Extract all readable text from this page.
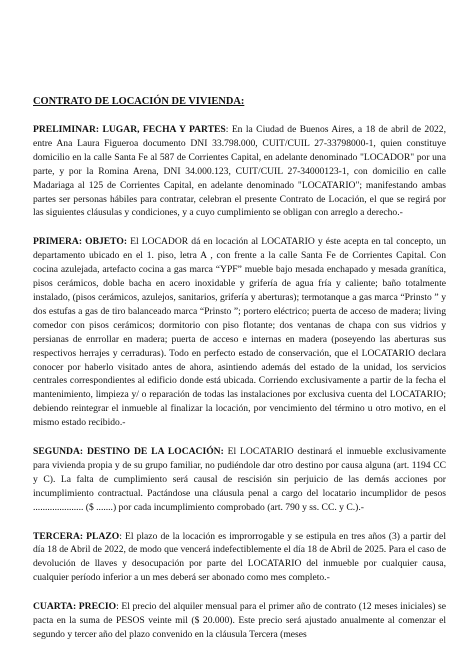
CONTRATO DE LOCACIÓN DE VIVIENDA:

PRELIMINAR: LUGAR, FECHA Y PARTES: En la Ciudad de Buenos Aires, a 18 de abril de 2022, entre Ana Laura Figueroa documento DNI 33.798.000, CUIT/CUIL 27-33798000-1, quien constituye domicilio en la calle Santa Fe al 587 de Corrientes Capital, en adelante denominado "LOCADOR" por una parte, y por la Romina Arena, DNI 34.000.123, CUIT/CUIL 27-34000123-1, con domicilio en calle Madariaga al 125 de Corrientes Capital, en adelante denominado "LOCATARIO"; manifestando ambas partes ser personas hábiles para contratar, celebran el presente Contrato de Locación, el que se regirá por las siguientes cláusulas y condiciones, y a cuyo cumplimiento se obligan con arreglo a derecho.-

PRIMERA: OBJETO: El LOCADOR dá en locación al LOCATARIO y éste acepta en tal concepto, un departamento ubicado en el 1. piso, letra A , con frente a la calle Santa Fe de Corrientes Capital. Con cocina azulejada, artefacto cocina a gas marca “YPF” mueble bajo mesada enchapado y mesada granítica, pisos cerámicos, doble bacha en acero inoxidable y grifería de agua fría y caliente; baño totalmente instalado, (pisos cerámicos, azulejos, sanitarios, grifería y aberturas); termotanque a gas marca “Prinsto ” y dos estufas a gas de tiro balanceado marca “Prinsto ”; portero eléctrico; puerta de acceso de madera; living comedor con pisos cerámicos; dormitorio con piso flotante; dos ventanas de chapa con sus vidrios y persianas de enrrollar en madera; puerta de acceso e internas en madera (poseyendo las aberturas sus respectivos herrajes y cerraduras). Todo en perfecto estado de conservación, que el LOCATARIO declara conocer por haberlo visitado antes de ahora, asintiendo además del estado de la unidad, los servicios centrales correspondientes al edificio donde está ubicada. Corriendo exclusivamente a partir de la fecha el mantenimiento, limpieza y/ o reparación de todas las instalaciones por exclusiva cuenta del LOCATARIO; debiendo reintegrar el inmueble al finalizar la locación, por vencimiento del término u otro motivo, en el mismo estado recibido.-

SEGUNDA: DESTINO DE LA LOCACIÓN: El LOCATARIO destinará el inmueble exclusivamente para vivienda propia y de su grupo familiar, no pudiéndole dar otro destino por causa alguna (art. 1194 CC y C). La falta de cumplimiento será causal de rescisión sin perjuicio de las demás acciones por incumplimiento contractual. Pactándose una cláusula penal a cargo del locatario incumplidor de pesos ..................... ($ .......) por cada incumplimiento comprobado (art. 790 y ss. CC. y C.).-

TERCERA: PLAZO: El plazo de la locación es improrrogable y se estipula en tres años (3) a partir del día 18 de Abril de 2022, de modo que vencerá indefectiblemente el día 18 de Abril de 2025. Para el caso de devolución de llaves y desocupación por parte del LOCATARIO del inmueble por cualquier causa, cualquier período inferior a un mes deberá ser abonado como mes completo.-

CUARTA: PRECIO: El precio del alquiler mensual para el primer año de contrato (12 meses iniciales) se pacta en la suma de PESOS veinte mil ($ 20.000). Este precio será ajustado anualmente al comenzar el segundo y tercer año del plazo convenido en la cláusula Tercera (meses
